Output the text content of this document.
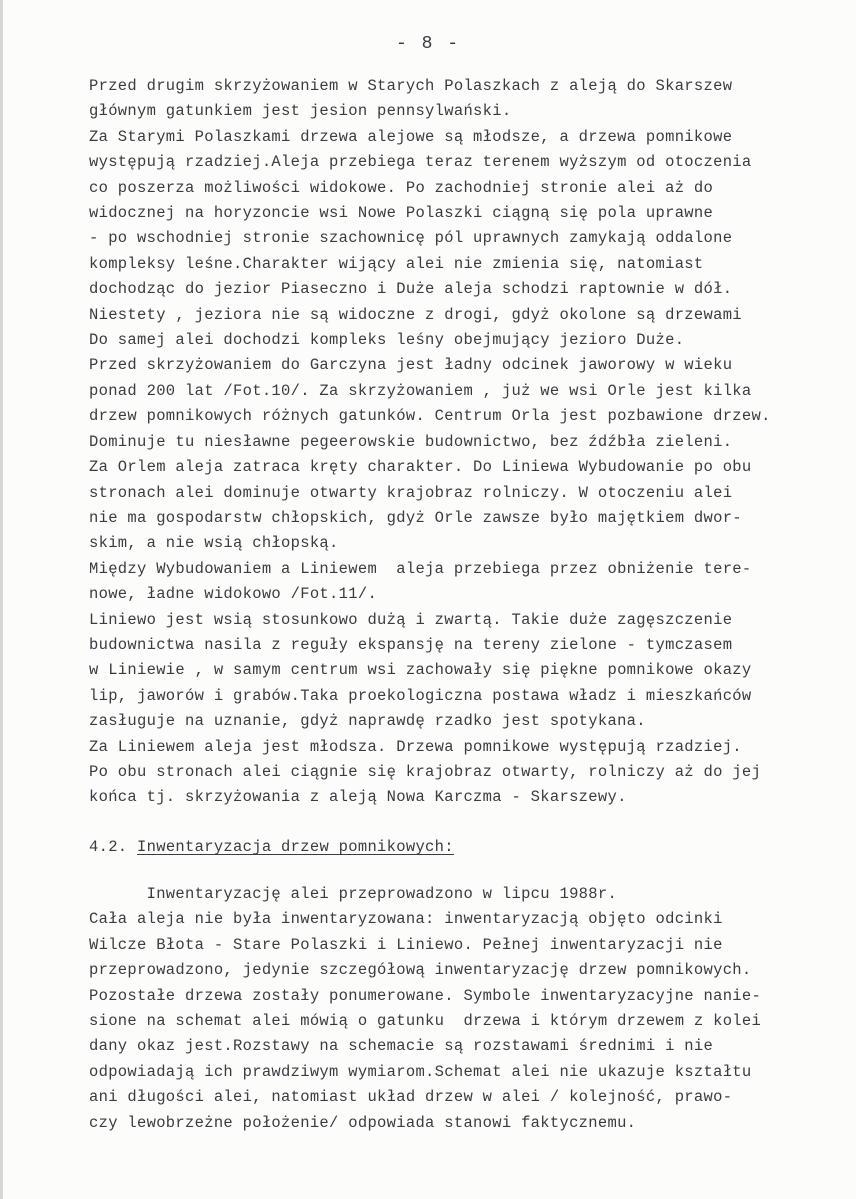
- 8 -
Przed drugim skrzyżowaniem w Starych Polaszkach z aleją do Skarszew
głównym gatunkiem jest jesion pennsylwański.
Za Starymi Polaszkami drzewa alejowe są młodsze, a drzewa pomnikowe
występują rzadziej.Aleja przebiega teraz terenem wyższym od otoczenia
co poszerza możliwości widokowe. Po zachodniej stronie alei aż do
widocznej na horyzoncie wsi Nowe Polaszki ciągną się pola uprawne
- po wschodniej stronie szachownicę pól uprawnych zamykają oddalone
kompleksy leśne.Charakter wijący alei nie zmienia się, natomiast
dochodząc do jezior Piaseczno i Duże aleja schodzi raptownie w dół.
Niestety , jeziora nie są widoczne z drogi, gdyż okolone są drzewami
Do samej alei dochodzi kompleks leśny obejmujący jezioro Duże.
Przed skrzyżowaniem do Garczyna jest ładny odcinek jaworowy w wieku
ponad 200 lat /Fot.10/. Za skrzyżowaniem , już we wsi Orle jest kilka
drzew pomnikowych różnych gatunków. Centrum Orla jest pozbawione drzew.
Dominuje tu niesławne pegeerowskie budownictwo, bez źdźbła zieleni.
Za Orlem aleja zatraca kręty charakter. Do Liniewa Wybudowanie po obu
stronach alei dominuje otwarty krajobraz rolniczy. W otoczeniu alei
nie ma gospodarstw chłopskich, gdyż Orle zawsze było majętkiem dwor-
skim, a nie wsią chłopską.
Między Wybudowaniem a Liniewem  aleja przebiega przez obniżenie tere-
nowe, ładne widokowo /Fot.11/.
Liniewo jest wsią stosunkowo dużą i zwartą. Takie duże zagęszczenie
budownictwa nasila z reguły ekspansję na tereny zielone - tymczasem
w Liniewie , w samym centrum wsi zachowały się piękne pomnikowe okazy
lip, jaworów i grabów.Taka proekologiczna postawa władz i mieszkańców
zasługuje na uznanie, gdyż naprawdę rzadko jest spotykana.
Za Liniewem aleja jest młodsza. Drzewa pomnikowe występują rzadziej.
Po obu stronach alei ciągnie się krajobraz otwarty, rolniczy aż do jej
końca tj. skrzyżowania z aleją Nowa Karczma - Skarszewy.
4.2. Inwentaryzacja drzew pomnikowych:
Inwentaryzację alei przeprowadzono w lipcu 1988r.
Cała aleja nie była inwentaryzowana: inwentaryzacją objęto odcinki
Wilcze Błota - Stare Polaszki i Liniewo. Pełnej inwentaryzacji nie
przeprowadzono, jedynie szczegółową inwentaryzację drzew pomnikowych.
Pozostałe drzewa zostały ponumerowane. Symbole inwentaryzacyjne nanie-
sione na schemat alei mówią o gatunku  drzewa i którym drzewem z kolei
dany okaz jest.Rozstawy na schemacie są rozstawami średnimi i nie
odpowiadają ich prawdziwym wymiarom.Schemat alei nie ukazuje kształtu
ani długości alei, natomiast układ drzew w alei / kolejność, prawo-
czy lewobrzeżne położenie/ odpowiada stanowi faktycznemu.
